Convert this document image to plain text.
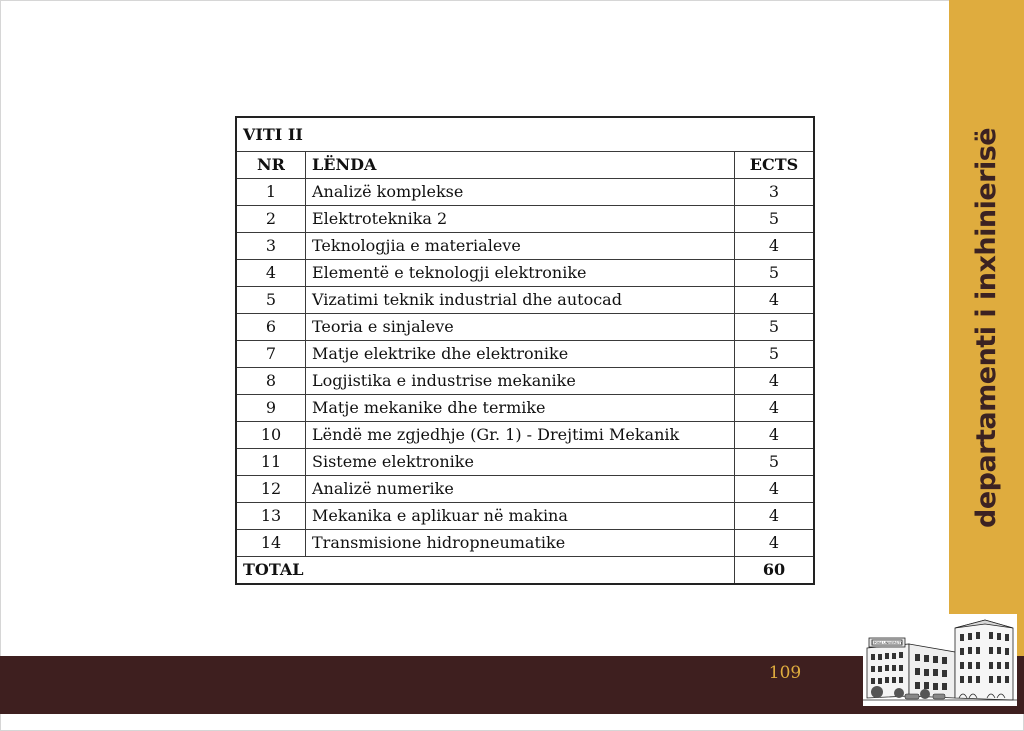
departamenti i inxhinierisë
VITI II		
NR	LËNDA	ECTS
1	Analizë komplekse	3
2	Elektroteknika 2	5
3	Teknologjia e materialeve	4
4	Elementë e teknologji elektronike	5
5	Vizatimi teknik industrial dhe autocad	4
6	Teoria e sinjaleve	5
7	Matje elektrike dhe elektronike	5
8	Logjistika e industrise mekanike	4
9	Matje mekanike dhe termike	4
10	Lëndë me zgjedhje (Gr. 1) - Drejtimi Mekanik	4
11	Sisteme elektronike	5
12	Analizë numerike	4
13	Mekanika e aplikuar në makina	4
14	Transmisione hidropneumatike	4
TOTAL		60
109
EPOKA UNIVERSITY
